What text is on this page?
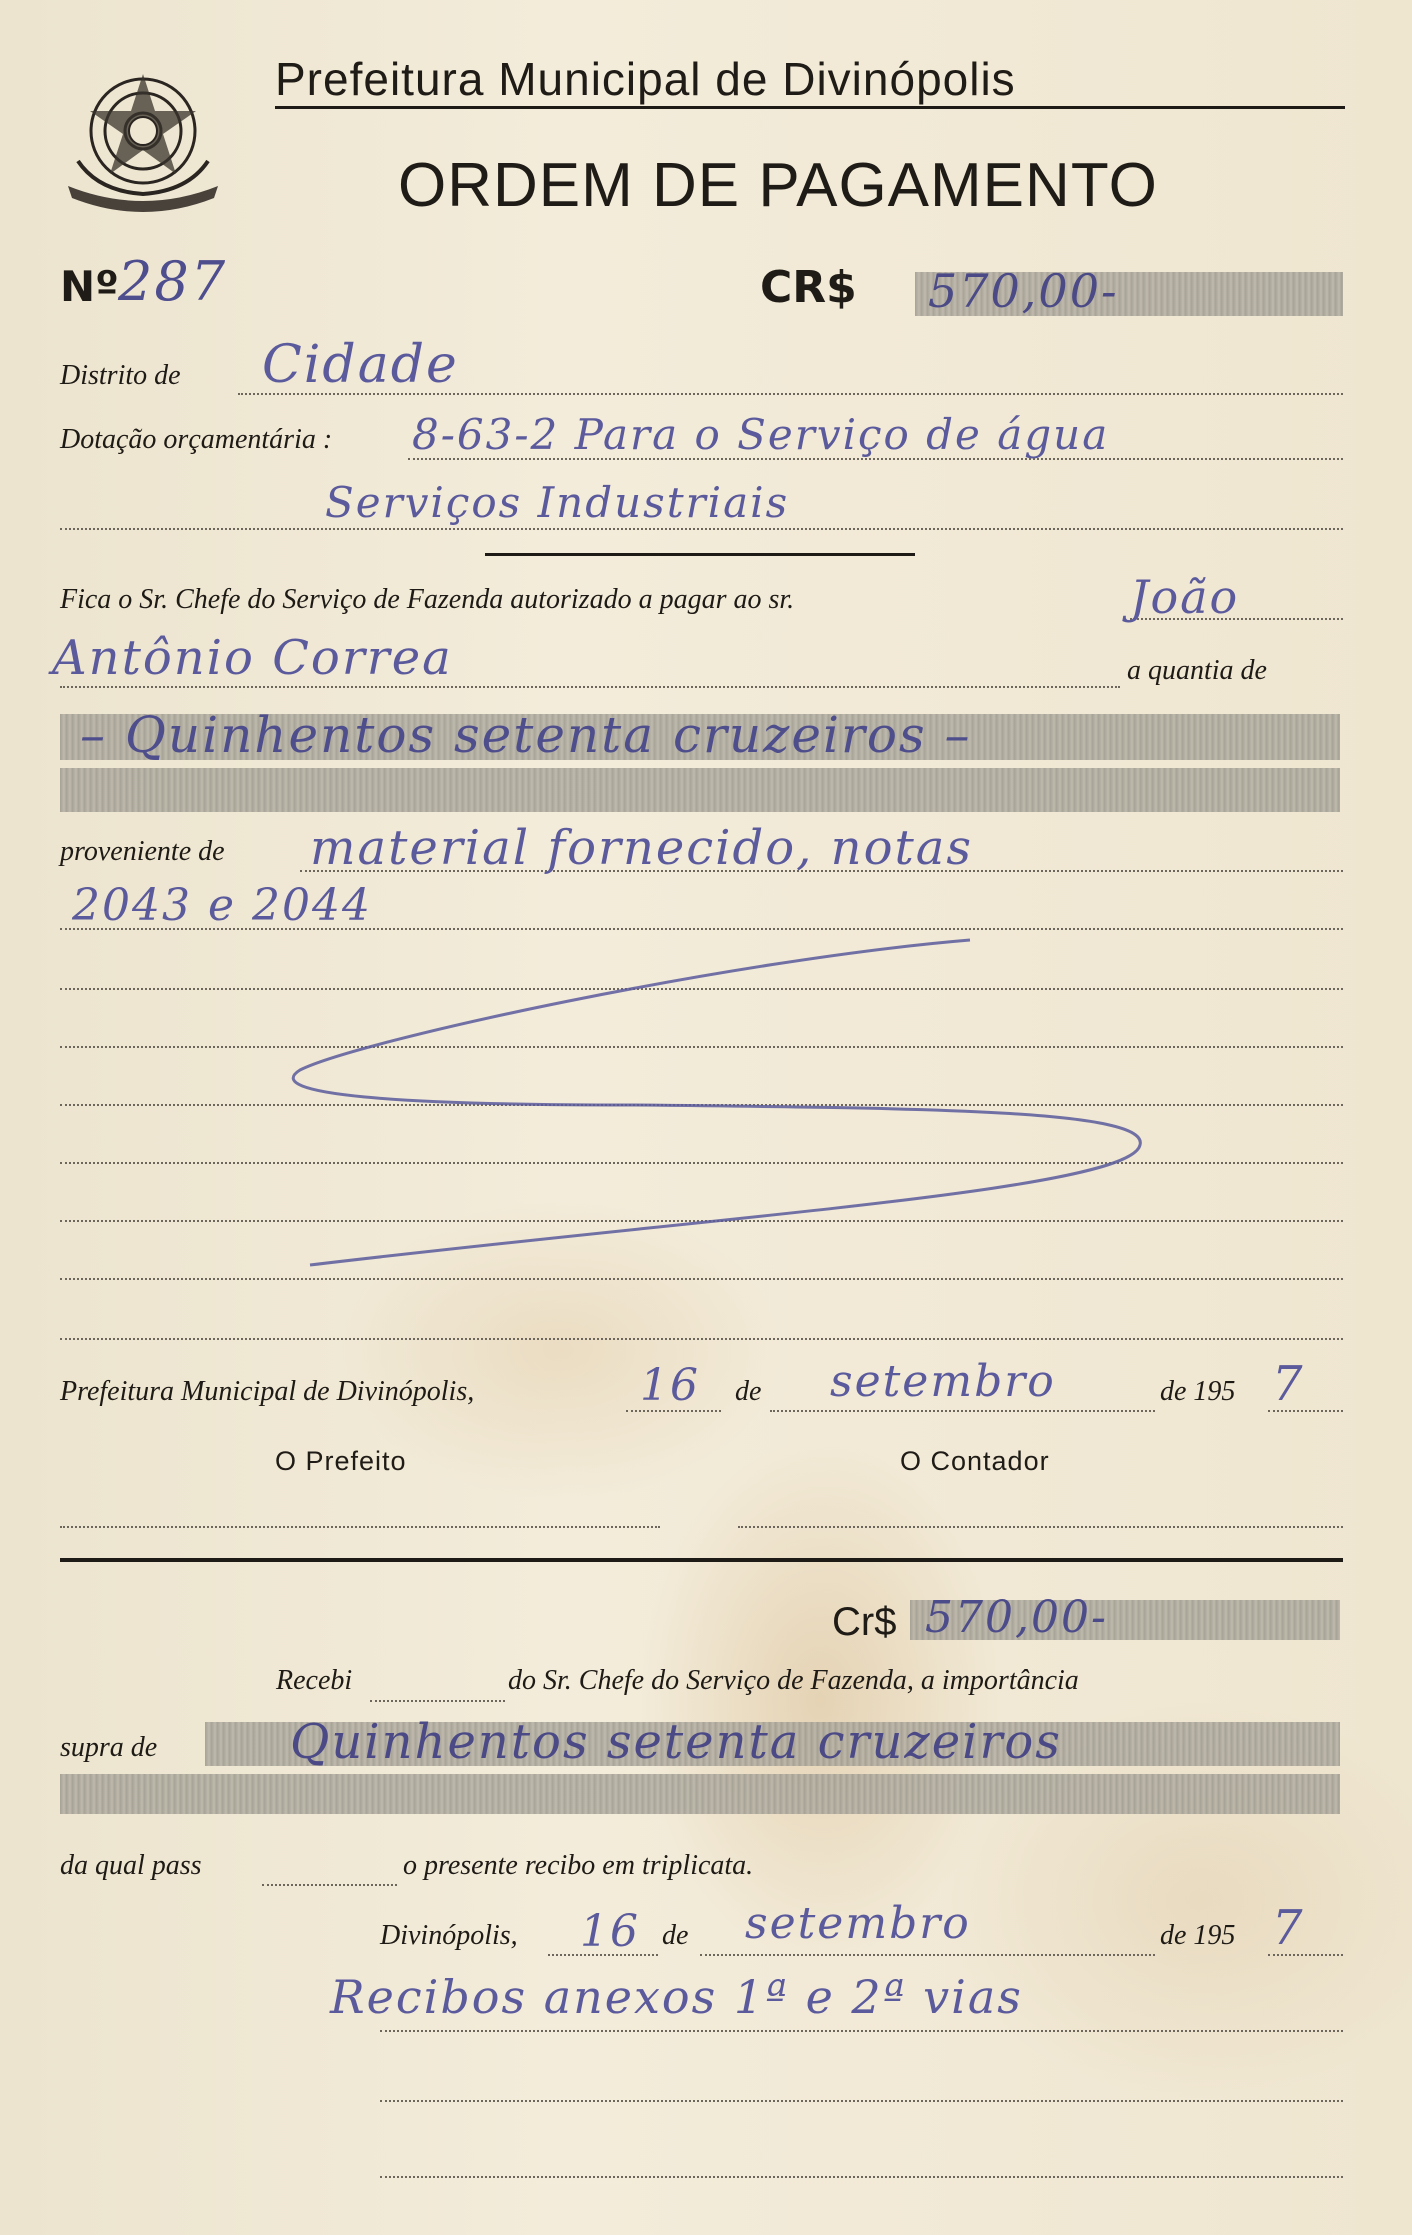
Prefeitura Municipal de Divinópolis
ORDEM DE PAGAMENTO
Nº 287	CR$ 570,00-
Distrito de Cidade
Dotação orçamentária : 8-63-2 Para o Serviço de água
Serviços Industriais
Fica o Sr. Chefe do Serviço de Fazenda autorizado a pagar ao sr.	João
Antônio Correa	a quantia de
– Quinhentos setenta cruzeiros –
proveniente de material fornecido, notas
2043 e 2044
Prefeitura Municipal de Divinópolis,	16 de setembro	de 195 7
O Prefeito	O Contador
Cr$ 570,00-
Recebi	do Sr. Chefe do Serviço de Fazenda, a importância
supra de	Quinhentos setenta cruzeiros
da qual pass	o presente recibo em triplicata.
Divinópolis, 16 de setembro	de 195 7
Recibos anexos 1ª e 2ª vias
